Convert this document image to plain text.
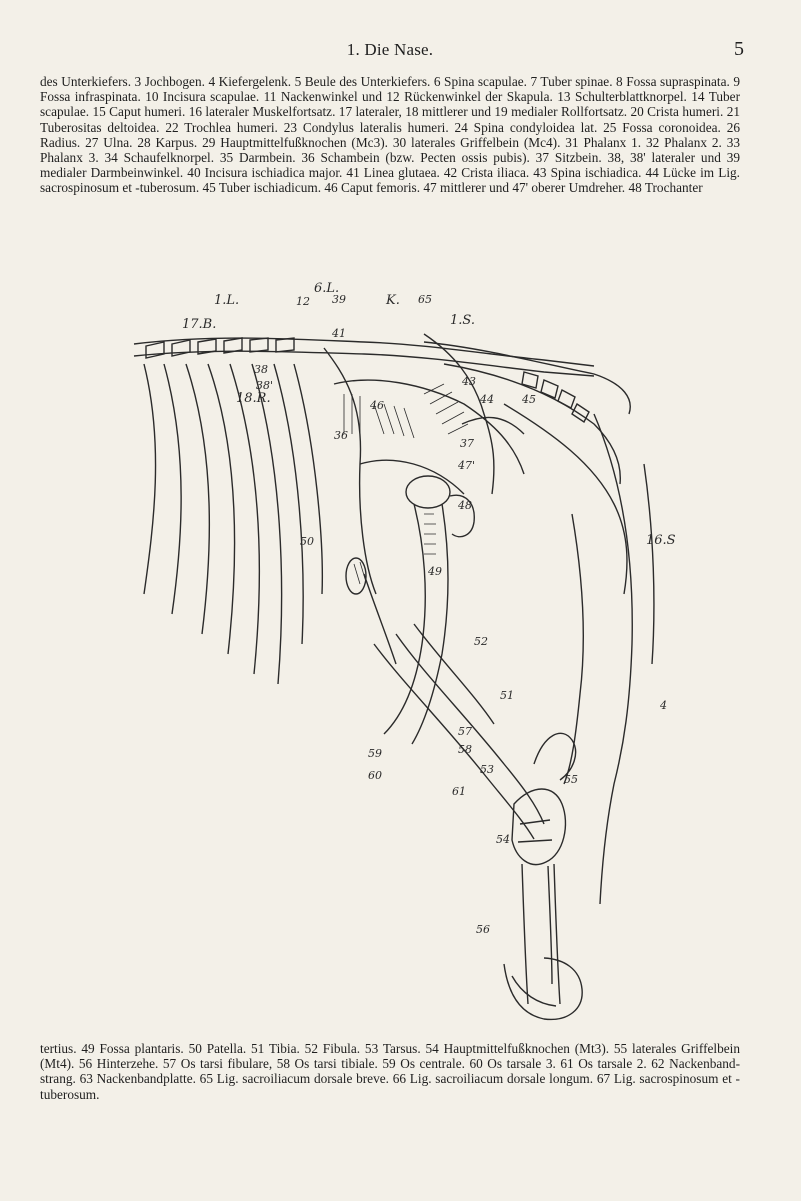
1. Die Nase.	5
des Unterkiefers. 3 Jochbogen. 4 Kiefergelenk. 5 Beule des Unterkiefers. 6 Spina scapulae. 7 Tuber spinae. 8 Fossa supraspinata. 9 Fossa infraspinata. 10 Incisura scapulae. 11 Nackenwinkel und 12 Rückenwinkel der Skapula. 13 Schulterblattknorpel. 14 Tuber scapulae. 15 Caput humeri. 16 lateraler Muskelfortsatz. 17 lateraler, 18 mittlerer und 19 medialer Rollfortsatz. 20 Crista humeri. 21 Tuberositas deltoidea. 22 Trochlea humeri. 23 Condylus lateralis humeri. 24 Spina condyloidea lat. 25 Fossa coronoidea. 26 Radius. 27 Ulna. 28 Karpus. 29 Hauptmittelfußknochen (Mc3). 30 laterales Griffelbein (Mc4). 31 Phalanx 1. 32 Phalanx 2. 33 Phalanx 3. 34 Schaufelknorpel. 35 Darmbein. 36 Schambein (bzw. Pecten ossis pubis). 37 Sitzbein. 38, 38' lateraler und 39 medialer Darmbeinwinkel. 40 Incisura ischiadica major. 41 Linea glutaea. 42 Crista iliaca. 43 Spina ischiadica. 44 Lücke im Lig. sacrospinosum et -tuberosum. 45 Tuber ischiadicum. 46 Caput femoris. 47 mittlerer und 47' oberer Umdreher. 48 Trochanter
6.L.
1.L.	12 39	K. 65
1.S.
17.B.
41
38
38'
18.R.
43
44	45
46
36
37
47'
48
50
49
16.S
52
51
57
58
53
59
60
61
55
54
56
4
tertius. 49 Fossa plantaris. 50 Patella. 51 Tibia. 52 Fibula. 53 Tarsus. 54 Hauptmittelfußknochen (Mt3). 55 laterales Griffelbein (Mt4). 56 Hinterzehe. 57 Os tarsi fibulare, 58 Os tarsi tibiale. 59 Os centrale. 60 Os tarsale 3. 61 Os tarsale 2. 62 Nackenband-strang. 63 Nackenbandplatte. 65 Lig. sacroiliacum dorsale breve. 66 Lig. sacroiliacum dorsale longum. 67 Lig. sacrospinosum et -tuberosum.
